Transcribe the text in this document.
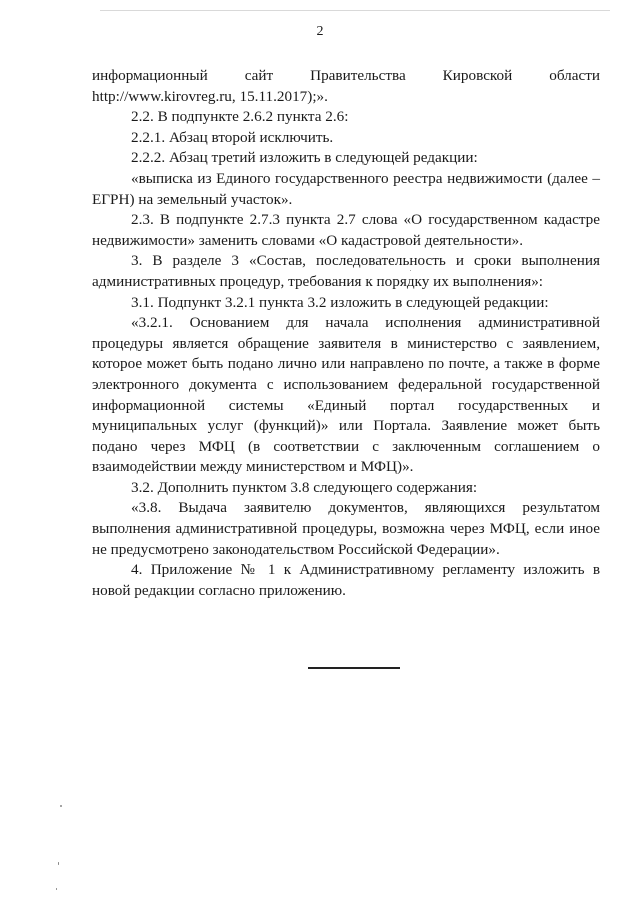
2

информационный сайт Правительства Кировской области http://www.kirovreg.ru, 15.11.2017);».

2.2. В подпункте 2.6.2 пункта 2.6:

2.2.1. Абзац второй исключить.

2.2.2. Абзац третий изложить в следующей редакции:

«выписка из Единого государственного реестра недвижимости (далее – ЕГРН) на земельный участок».

2.3. В подпункте 2.7.3 пункта 2.7 слова «О государственном кадастре недвижимости» заменить словами «О кадастровой деятельности».

3. В разделе 3 «Состав, последовательность и сроки выполнения административных процедур, требования к порядку их выполнения»:

3.1. Подпункт 3.2.1 пункта 3.2 изложить в следующей редакции:

«3.2.1. Основанием для начала исполнения административной процедуры является обращение заявителя в министерство с заявлением, которое может быть подано лично или направлено по почте, а также в форме электронного документа с использованием федеральной государственной информационной системы «Единый портал государственных и муниципальных услуг (функций)» или Портала. Заявление может быть подано через МФЦ (в соответствии с заключенным соглашением о взаимодействии между министерством и МФЦ)».

3.2. Дополнить пунктом 3.8 следующего содержания:

«3.8. Выдача заявителю документов, являющихся результатом выполнения административной процедуры, возможна через МФЦ, если иное не предусмотрено законодательством Российской Федерации».

4. Приложение № 1 к Административному регламенту изложить в новой редакции согласно приложению.
